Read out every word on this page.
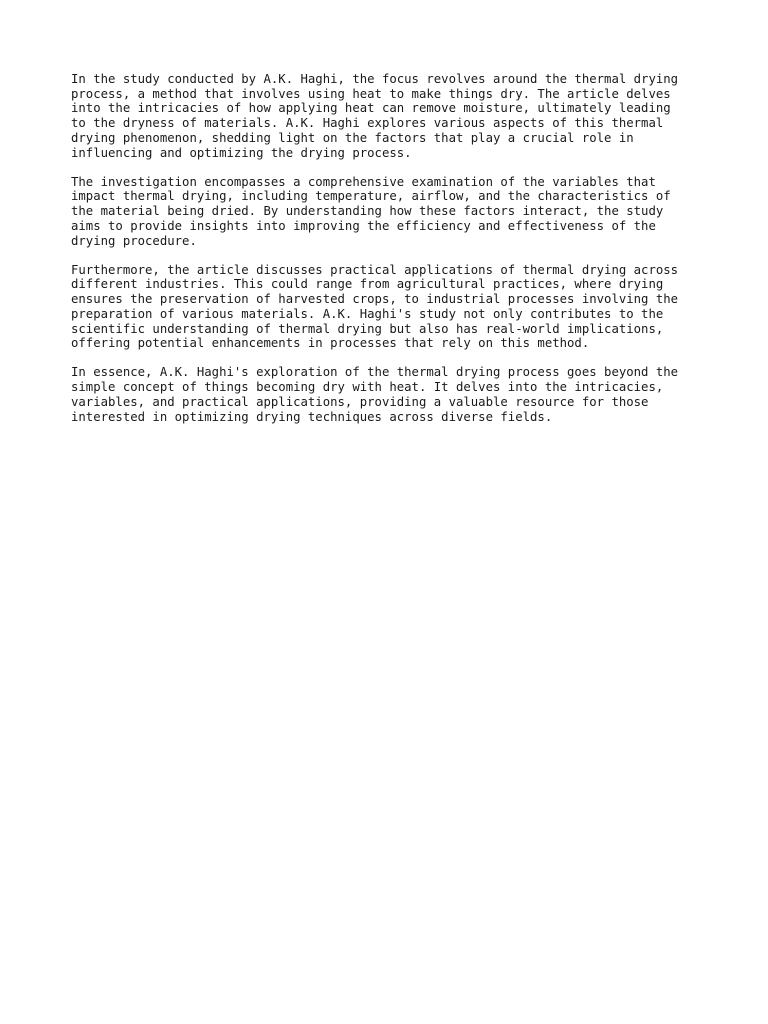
In the study conducted by A.K. Haghi, the focus revolves around the thermal drying
process, a method that involves using heat to make things dry. The article delves
into the intricacies of how applying heat can remove moisture, ultimately leading
to the dryness of materials. A.K. Haghi explores various aspects of this thermal
drying phenomenon, shedding light on the factors that play a crucial role in
influencing and optimizing the drying process.

The investigation encompasses a comprehensive examination of the variables that
impact thermal drying, including temperature, airflow, and the characteristics of
the material being dried. By understanding how these factors interact, the study
aims to provide insights into improving the efficiency and effectiveness of the
drying procedure.

Furthermore, the article discusses practical applications of thermal drying across
different industries. This could range from agricultural practices, where drying
ensures the preservation of harvested crops, to industrial processes involving the
preparation of various materials. A.K. Haghi's study not only contributes to the
scientific understanding of thermal drying but also has real-world implications,
offering potential enhancements in processes that rely on this method.

In essence, A.K. Haghi's exploration of the thermal drying process goes beyond the
simple concept of things becoming dry with heat. It delves into the intricacies,
variables, and practical applications, providing a valuable resource for those
interested in optimizing drying techniques across diverse fields.
